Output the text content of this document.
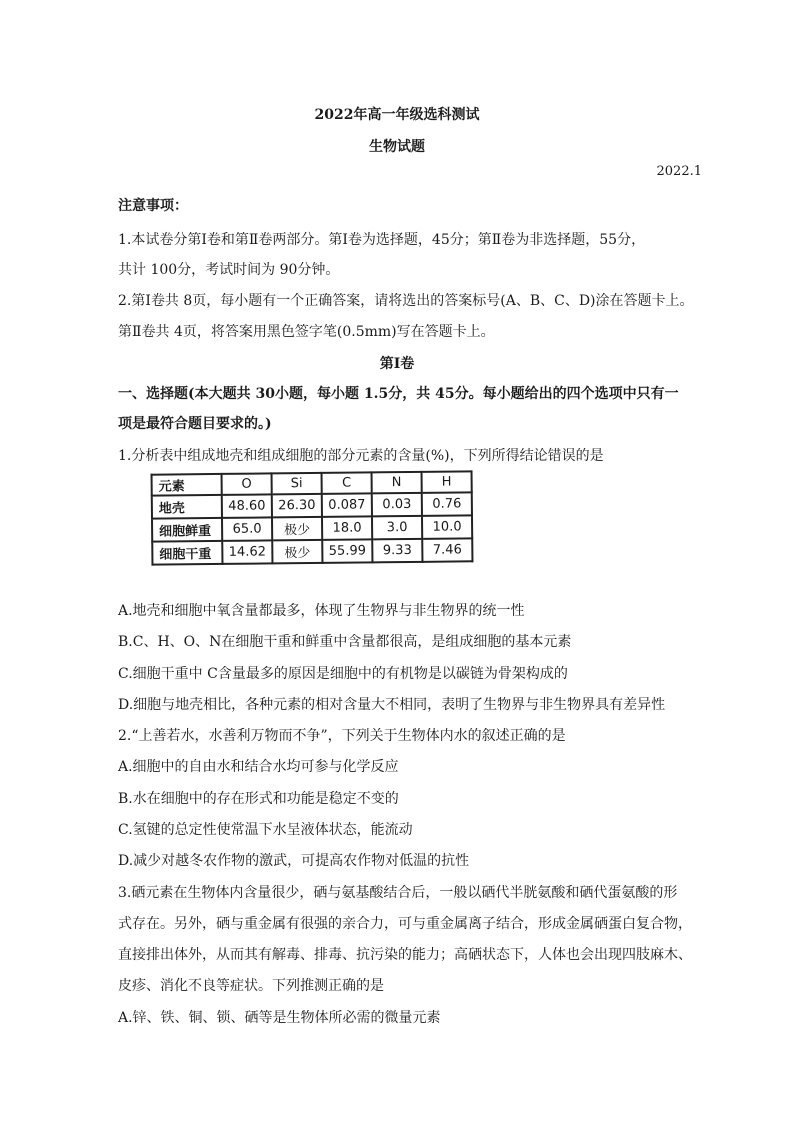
2022年高一年级选科测试
生物试题
2022.1
注意事项：
1.本试卷分第Ⅰ卷和第Ⅱ卷两部分。第Ⅰ卷为选择题，45分；第Ⅱ卷为非选择题，55分，
共计 100分，考试时间为 90分钟。
2.第Ⅰ卷共 8页，每小题有一个正确答案，请将选出的答案标号(A、B、C、D)涂在答题卡上。
第Ⅱ卷共 4页，将答案用黑色签字笔(0.5mm)写在答题卡上。
第Ⅰ卷
一、选择题(本大题共 30小题，每小题 1.5分，共 45分。每小题给出的四个选项中只有一
项是最符合题目要求的。)
1.分析表中组成地壳和组成细胞的部分元素的含量(%)，下列所得结论错误的是
元素	O	Si	C	N	H
地壳	48.60	26.30	0.087	0.03	0.76
细胞鲜重	65.0	极少	18.0	3.0	10.0
细胞干重	14.62	极少	55.99	9.33	7.46
A.地壳和细胞中氧含量都最多，体现了生物界与非生物界的统一性
B.C、H、O、N在细胞干重和鲜重中含量都很高，是组成细胞的基本元素
C.细胞干重中 C含量最多的原因是细胞中的有机物是以碳链为骨架构成的
D.细胞与地壳相比，各种元素的相对含量大不相同，表明了生物界与非生物界具有差异性
2.“上善若水，水善利万物而不争”，下列关于生物体内水的叙述正确的是
A.细胞中的自由水和结合水均可参与化学反应
B.水在细胞中的存在形式和功能是稳定不变的
C.氢键的总定性使常温下水呈液体状态，能流动
D.减少对越冬农作物的激武，可提高农作物对低温的抗性
3.硒元素在生物体内含量很少，硒与氨基酸结合后，一般以硒代半胱氨酸和硒代蛋氨酸的形
式存在。另外，硒与重金属有很强的亲合力，可与重金属离子结合，形成金属硒蛋白复合物，
直接排出体外，从而其有解毒、排毒、抗污染的能力；高硒状态下，人体也会出现四肢麻木、
皮疹、消化不良等症状。下列推测正确的是
A.锌、铁、铜、锁、硒等是生物体所必需的微量元素
